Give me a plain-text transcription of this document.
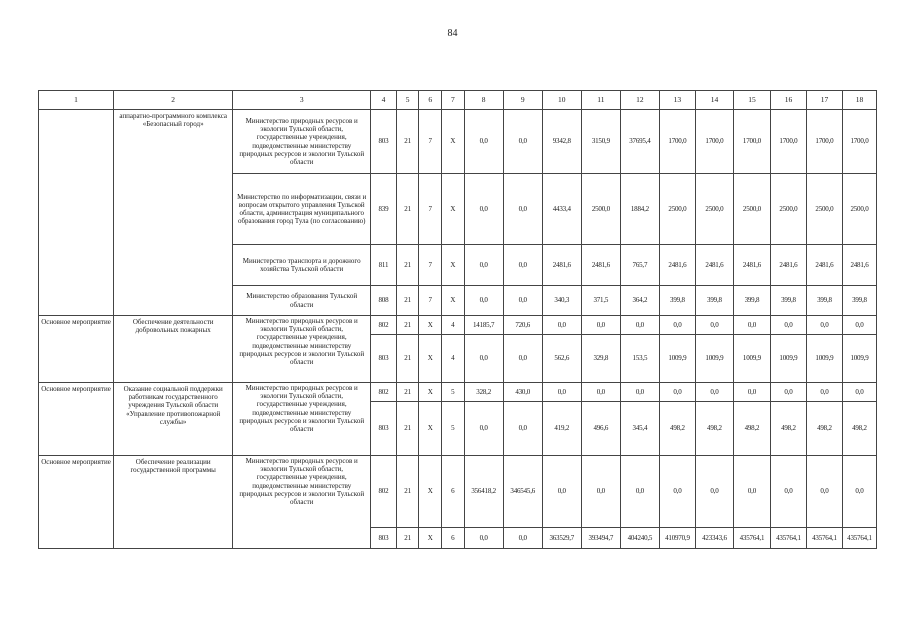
84
1	2	3	4	5	6	7	8	9	10	11	12	13	14	15	16	17	18
	аппаратно-программного комплекса «Безопасный город»	Министерство природных ресурсов и экологии Тульской области, государственные учреждения, подведомственные министерству природных ресурсов и экологии Тульской области	803	21	7	Х	0,0	0,0	9342,8	3150,9	37695,4	1700,0	1700,0	1700,0	1700,0	1700,0	1700,0
		Министерство по информатизации, связи и вопросам открытого управления Тульской области, администрация муниципального образования город Тула (по согласованию)	839	21	7	Х	0,0	0,0	4433,4	2500,0	1884,2	2500,0	2500,0	2500,0	2500,0	2500,0	2500,0
		Министерство транспорта и дорожного хозяйства Тульской области	811	21	7	Х	0,0	0,0	2481,6	2481,6	765,7	2481,6	2481,6	2481,6	2481,6	2481,6	2481,6
		Министерство образования Тульской области	808	21	7	Х	0,0	0,0	340,3	371,5	364,2	399,8	399,8	399,8	399,8	399,8	399,8
Основное мероприятие	Обеспечение деятельности добровольных пожарных	Министерство природных ресурсов и экологии Тульской области, государственные учреждения, подведомственные министерству природных ресурсов и экологии Тульской области	802	21	Х	4	14185,7	720,6	0,0	0,0	0,0	0,0	0,0	0,0	0,0	0,0	0,0
			803	21	Х	4	0,0	0,0	562,6	329,8	153,5	1009,9	1009,9	1009,9	1009,9	1009,9	1009,9
Основное мероприятие	Оказание социальной поддержки работникам государственного учреждения Тульской области «Управление противопожарной службы»	Министерство природных ресурсов и экологии Тульской области, государственные учреждения, подведомственные министерству природных ресурсов и экологии Тульской области	802	21	Х	5	328,2	430,0	0,0	0,0	0,0	0,0	0,0	0,0	0,0	0,0	0,0
			803	21	Х	5	0,0	0,0	419,2	496,6	345,4	498,2	498,2	498,2	498,2	498,2	498,2
Основное мероприятие	Обеспечение реализации государственной программы	Министерство природных ресурсов и экологии Тульской области, государственные учреждения, подведомственные министерству природных ресурсов и экологии Тульской области	802	21	Х	6	356418,2	346545,6	0,0	0,0	0,0	0,0	0,0	0,0	0,0	0,0	0,0
			803	21	Х	6	0,0	0,0	363529,7	393494,7	404240,5	410970,9	423343,6	435764,1	435764,1	435764,1	435764,1
